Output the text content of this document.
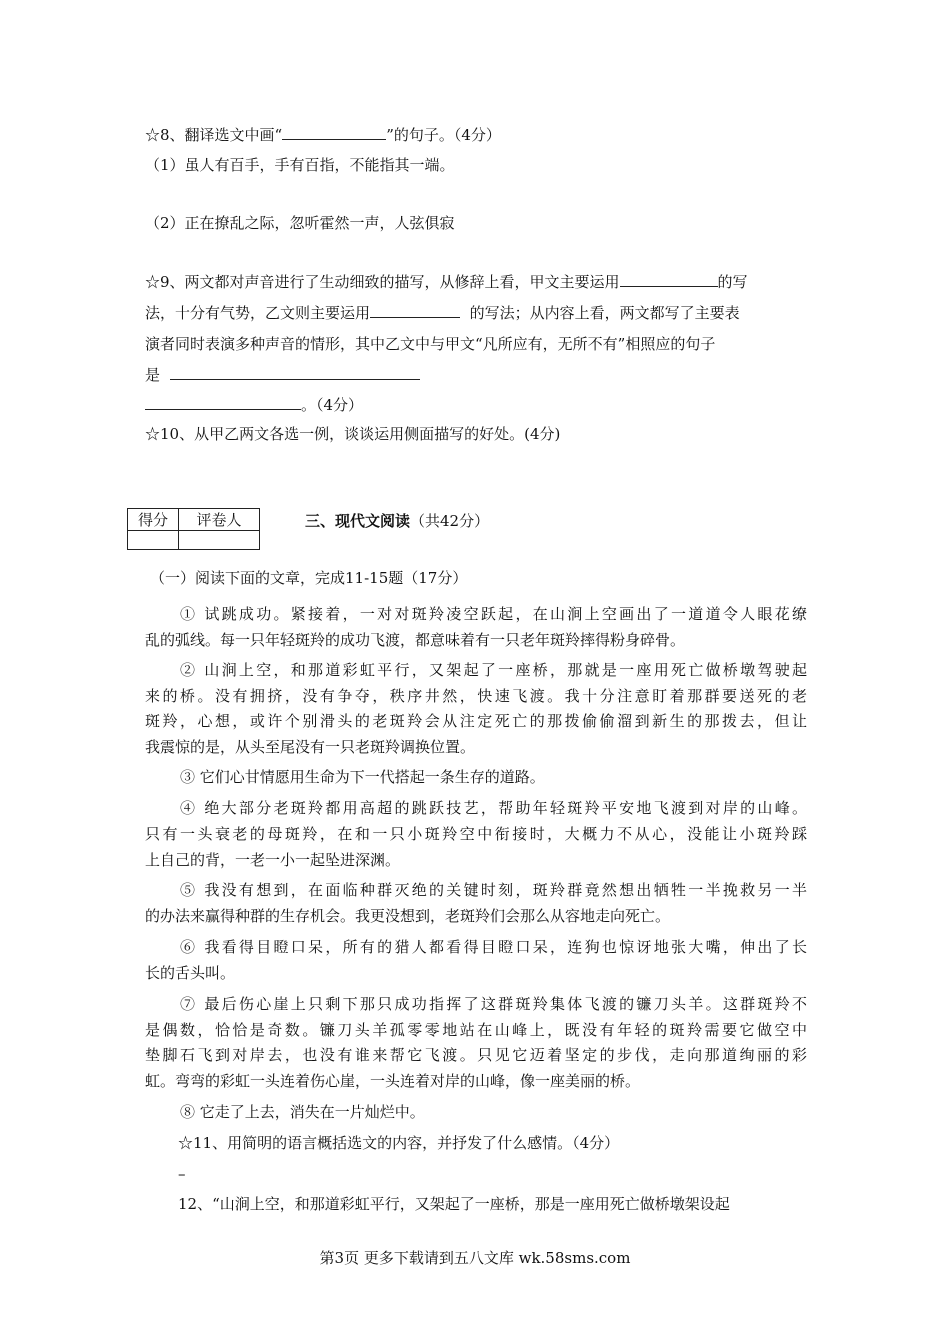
☆8、翻译选文中画“	”的句子。（4分）
（1）虽人有百手，手有百指，不能指其一端。
（2）正在撩乱之际，忽听霍然一声，人弦俱寂
☆9、两文都对声音进行了生动细致的描写，从修辞上看，甲文主要运用	的写
法，十分有气势，乙文则主要运用	的写法；从内容上看，两文都写了主要表
演者同时表演多种声音的情形，其中乙文中与甲文“凡所应有，无所不有”相照应的句子
是
。（4分）
☆10、从甲乙两文各选一例，谈谈运用侧面描写的好处。(4分)
得分	评卷人
		三、现代文阅读（共42分）
（一）阅读下面的文章，完成11-15题（17分）
① 试跳成功。紧接着，一对对斑羚凌空跃起，在山涧上空画出了一道道令人眼花缭
乱的弧线。每一只年轻斑羚的成功飞渡，都意味着有一只老年斑羚摔得粉身碎骨。
② 山涧上空，和那道彩虹平行，又架起了一座桥，那就是一座用死亡做桥墩驾驶起
来的桥。没有拥挤，没有争夺，秩序井然，快速飞渡。我十分注意盯着那群要送死的老
斑羚，心想，或许个别滑头的老斑羚会从注定死亡的那拨偷偷溜到新生的那拨去，但让
我震惊的是，从头至尾没有一只老斑羚调换位置。
③ 它们心甘情愿用生命为下一代搭起一条生存的道路。
④ 绝大部分老斑羚都用高超的跳跃技艺，帮助年轻斑羚平安地飞渡到对岸的山峰。
只有一头衰老的母斑羚，在和一只小斑羚空中衔接时，大概力不从心，没能让小斑羚踩
上自己的背，一老一小一起坠进深渊。
⑤ 我没有想到，在面临种群灭绝的关键时刻，斑羚群竟然想出牺牲一半挽救另一半
的办法来赢得种群的生存机会。我更没想到，老斑羚们会那么从容地走向死亡。
⑥ 我看得目瞪口呆，所有的猎人都看得目瞪口呆，连狗也惊讶地张大嘴，伸出了长
长的舌头叫。
⑦ 最后伤心崖上只剩下那只成功指挥了这群斑羚集体飞渡的镰刀头羊。这群斑羚不
是偶数，恰恰是奇数。镰刀头羊孤零零地站在山峰上，既没有年轻的斑羚需要它做空中
垫脚石飞到对岸去，也没有谁来帮它飞渡。只见它迈着坚定的步伐，走向那道绚丽的彩
虹。弯弯的彩虹一头连着伤心崖，一头连着对岸的山峰，像一座美丽的桥。
⑧ 它走了上去，消失在一片灿烂中。
☆11、用简明的语言概括选文的内容，并抒发了什么感情。（4分）
–
12、“山涧上空，和那道彩虹平行，又架起了一座桥，那是一座用死亡做桥墩架设起
第3页 更多下载请到五八文库 wk.58sms.com
